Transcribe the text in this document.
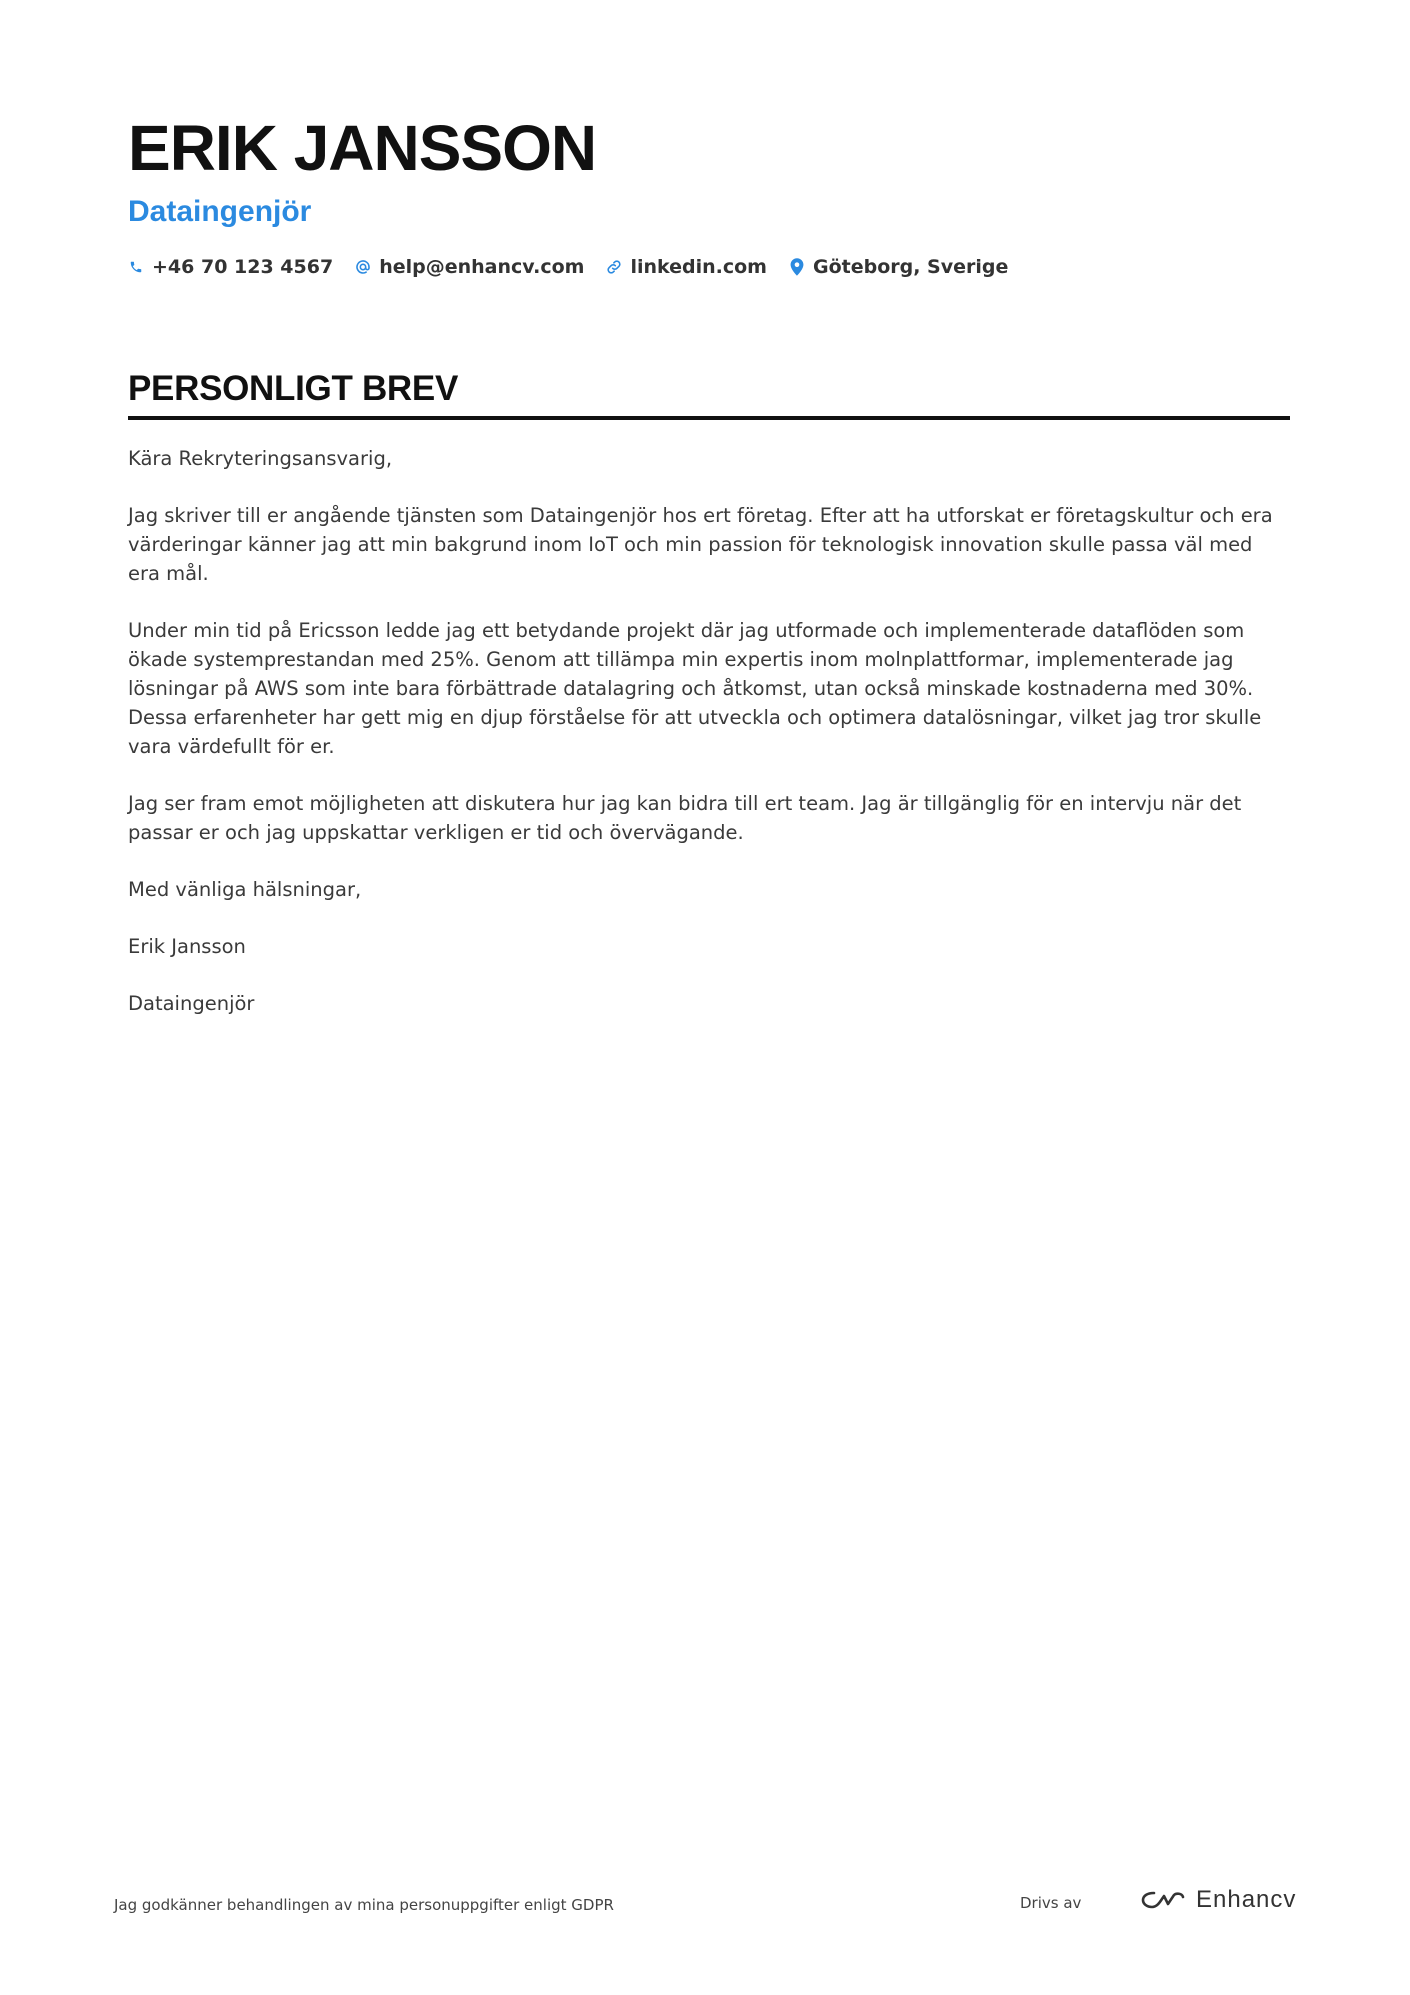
ERIK JANSSON
Dataingenjör
+46 70 123 4567 help@enhancv.com linkedin.com Göteborg, Sverige
PERSONLIGT BREV

Kära Rekryteringsansvarig,

Jag skriver till er angående tjänsten som Dataingenjör hos ert företag. Efter att ha utforskat er företagskultur och era värderingar känner jag att min bakgrund inom IoT och min passion för teknologisk innovation skulle passa väl med era mål.

Under min tid på Ericsson ledde jag ett betydande projekt där jag utformade och implementerade dataflöden som ökade systemprestandan med 25%. Genom att tillämpa min expertis inom molnplattformar, implementerade jag lösningar på AWS som inte bara förbättrade datalagring och åtkomst, utan också minskade kostnaderna med 30%. Dessa erfarenheter har gett mig en djup förståelse för att utveckla och optimera datalösningar, vilket jag tror skulle vara värdefullt för er.

Jag ser fram emot möjligheten att diskutera hur jag kan bidra till ert team. Jag är tillgänglig för en intervju när det passar er och jag uppskattar verkligen er tid och övervägande.

Med vänliga hälsningar,

Erik Jansson

Dataingenjör

Jag godkänner behandlingen av mina personuppgifter enligt GDPR	Drivs av	Enhancv
